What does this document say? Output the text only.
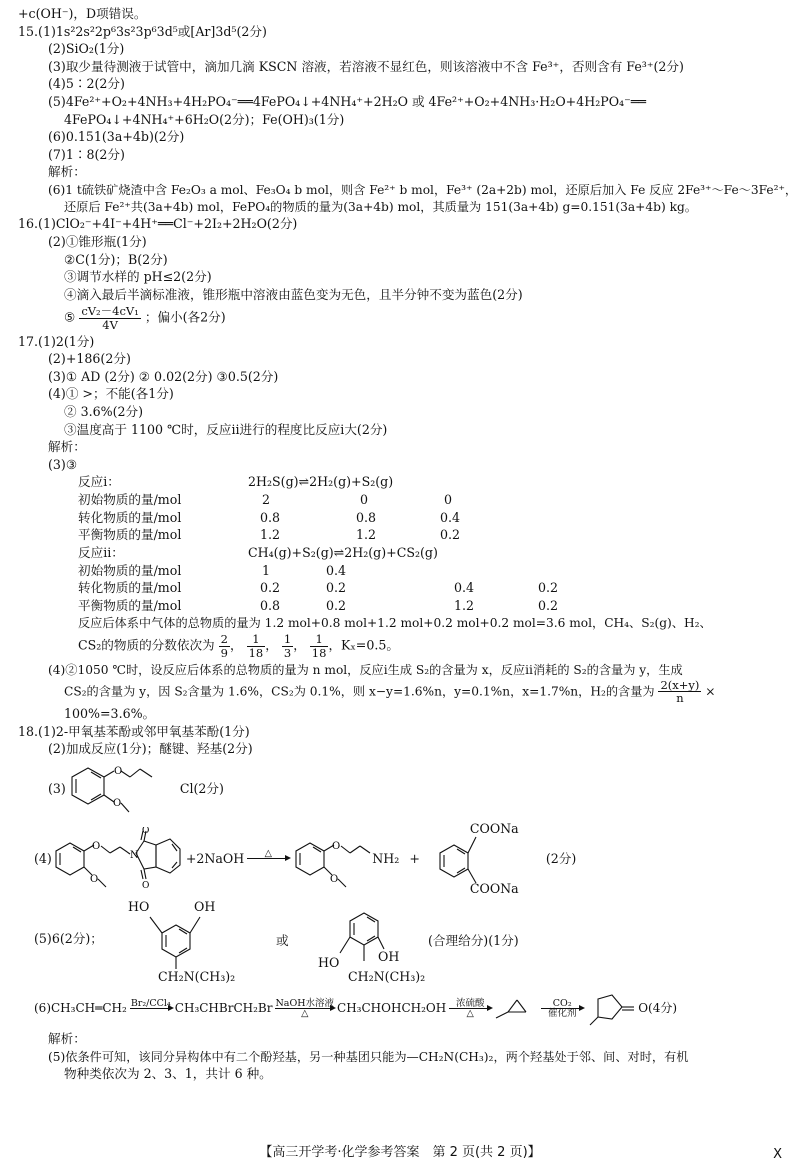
+c(OH⁻)，D项错误。
15.(1)1s²2s²2p⁶3s²3p⁶3d⁵或[Ar]3d⁵(2分)
(2)SiO₂(1分)
(3)取少量待测液于试管中，滴加几滴 KSCN 溶液，若溶液不显红色，则该溶液中不含 Fe³⁺，否则含有 Fe³⁺(2分)
(4)5∶2(2分)
(5)4Fe²⁺+O₂+4NH₃+4H₂PO₄⁻══4FePO₄↓+4NH₄⁺+2H₂O 或 4Fe²⁺+O₂+4NH₃·H₂O+4H₂PO₄⁻══
4FePO₄↓+4NH₄⁺+6H₂O(2分)；Fe(OH)₃(1分)
(6)0.151(3a+4b)(2分)
(7)1∶8(2分)
解析：
(6)1 t硫铁矿烧渣中含 Fe₂O₃ a mol、Fe₃O₄ b mol，则含 Fe²⁺ b mol，Fe³⁺ (2a+2b) mol，还原后加入 Fe 反应 2Fe³⁺～Fe～3Fe²⁺，
还原后 Fe²⁺共(3a+4b) mol，FePO₄的物质的量为(3a+4b) mol，其质量为 151(3a+4b) g=0.151(3a+4b) kg。
16.(1)ClO₂⁻+4I⁻+4H⁺══Cl⁻+2I₂+2H₂O(2分)
(2)①锥形瓶(1分)
②C(1分)；B(2分)
③调节水样的 pH≤2(2分)
④滴入最后半滴标准液，锥形瓶中溶液由蓝色变为无色，且半分钟不变为蓝色(2分)
⑤ $\frac{\text{cV₂－4cV₁}}{4V}$ ；偏小(各2分)
17.(1)2(1分)
(2)+186(2分)
(3)① AD (2分) ② 0.02(2分) ③0.5(2分)
(4)① >；不能(各1分)
② 3.6%(2分)
③温度高于 1100 ℃时，反应ⅱ进行的程度比反应ⅰ大(2分)
解析：
(3)③
反应ⅰ：	2H₂S(g)⇌2H₂(g)+S₂(g)			
初始物质的量/mol	2	0	0	
转化物质的量/mol	0.8	0.8	0.4	
平衡物质的量/mol	1.2	1.2	0.2	
反应ⅱ：	CH₄(g)+S₂(g)⇌2H₂(g)+CS₂(g)			
初始物质的量/mol	1	0.4		
转化物质的量/mol	0.2	0.2	0.4	0.2
平衡物质的量/mol	0.8	0.2	1.2	0.2
反应后体系中气体的总物质的量为 1.2 mol+0.8 mol+1.2 mol+0.2 mol+0.2 mol=3.6 mol，CH₄、S₂(g)、H₂、
CS₂的物质的分数依次为 $\frac{2}{9}$ ， $\frac{1}{18}$ ， $\frac{1}{3}$ ， $\frac{1}{18}$ ，Kₓ=0.5。
(4)②1050 ℃时，设反应后体系的总物质的量为 n mol，反应ⅰ生成 S₂的含量为 x，反应ⅱ消耗的 S₂的含量为 y，生成
CS₂的含量为 y，因 S₂含量为 1.6%，CS₂为 0.1%，则 x−y=1.6%n，y=0.1%n，x=1.7%n，H₂的含量为 $\frac{2(x+y)}{n}$ ×
100%=3.6%。
18.(1)2-甲氧基苯酚或邻甲氧基苯酚(1分)
(2)加成反应(1分)；醚键、羟基(2分)
(3)
O
O
Cl(2分)
(4)
O
O
N
O
O
+2NaOH	△

O
O
NH₂ +
COONa
COONa
(2分)
(5)6(2分)；
HO	OH
CH₂N(CH₃)₂
或
OH
HO
CH₂N(CH₃)₂
(合理给分)(1分)
(6)CH₃CH═CH₂ Br₂/CCl₄
CH₃CHBrCH₂Br NaOH水溶液
△	CH₃CHOHCH₂OH	浓硫酸
△
CO₂
催化剂	O(4分)
解析：
(5)依条件可知，该同分异构体中有二个酚羟基，另一种基团只能为—CH₂N(CH₃)₂，两个羟基处于邻、间、对时，有机
物种类依次为 2、3、1，共计 6 种。
【高三开学考·化学参考答案　第 2 页(共 2 页)】	X
